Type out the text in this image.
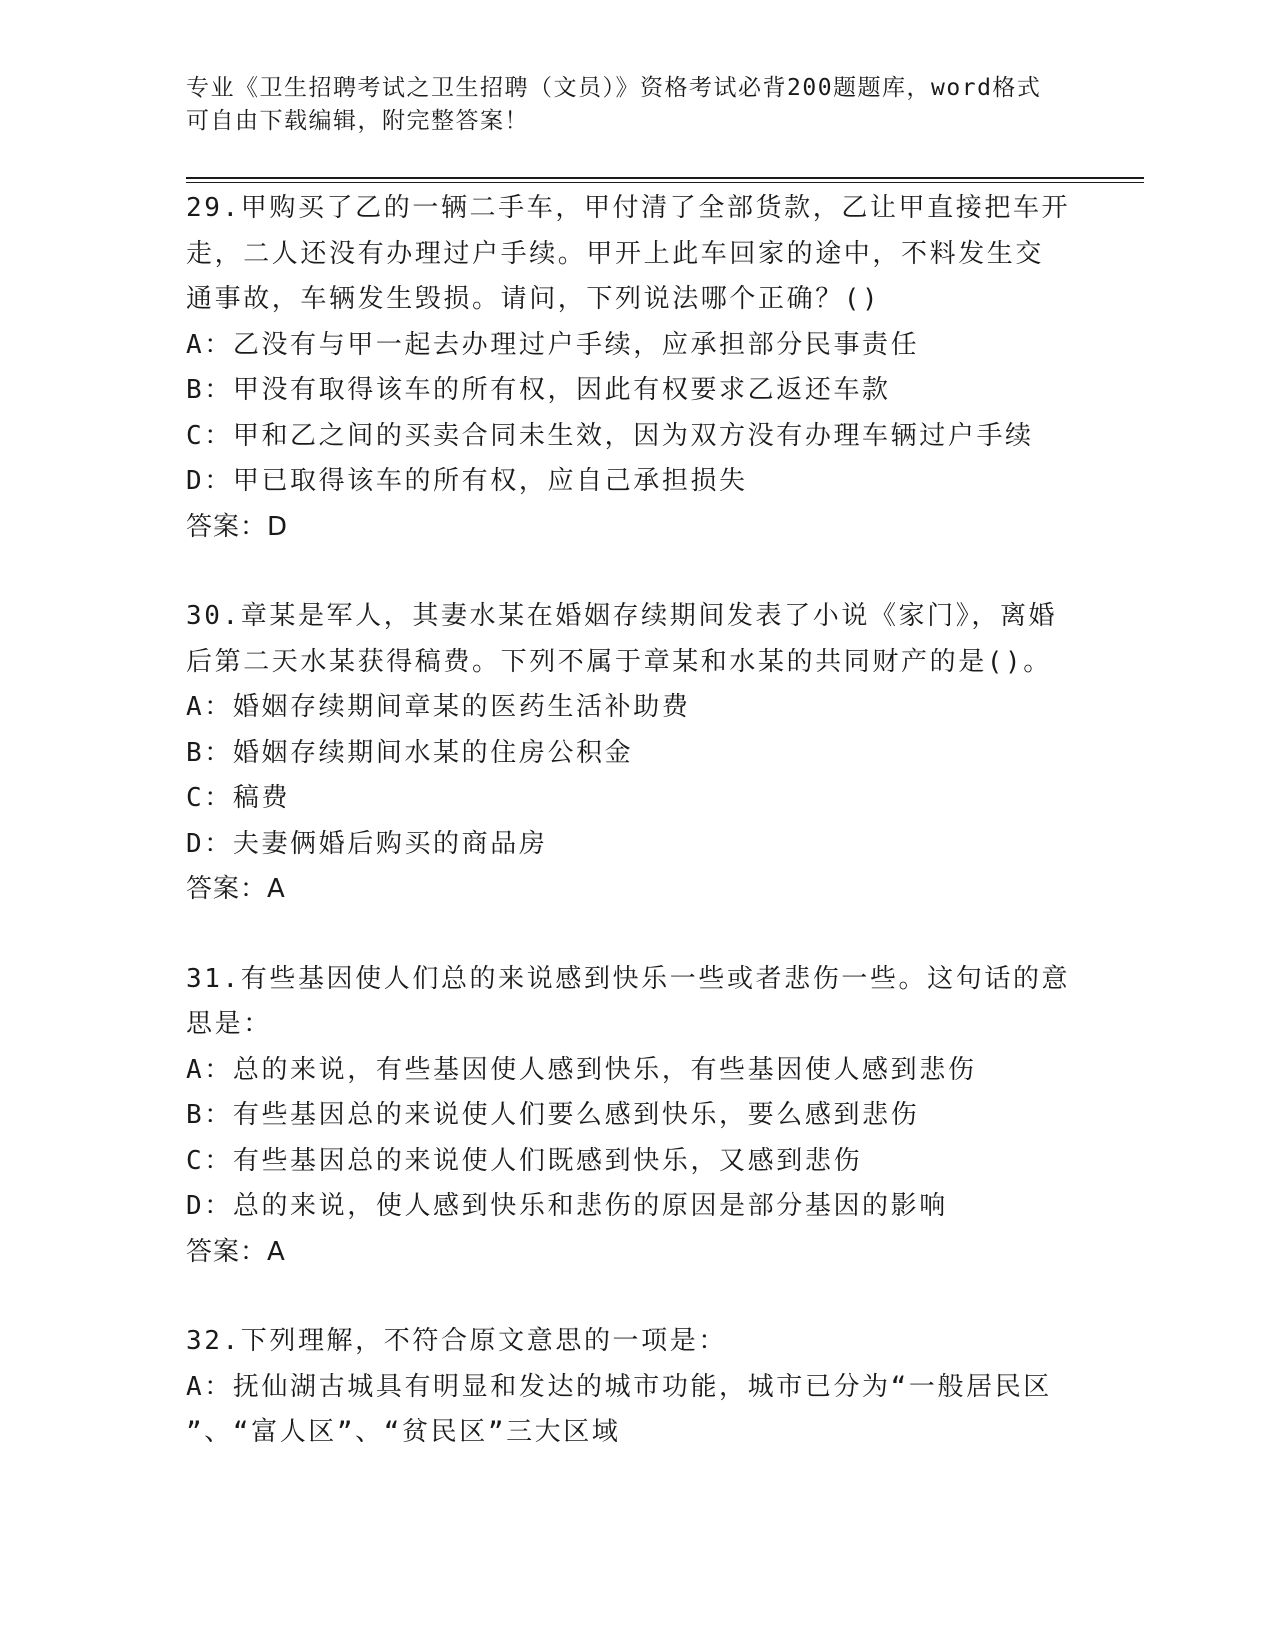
专业《卫生招聘考试之卫生招聘（文员）》资格考试必背200题题库，word格式
可自由下载编辑，附完整答案！
29.甲购买了乙的一辆二手车，甲付清了全部货款，乙让甲直接把车开
走，二人还没有办理过户手续。甲开上此车回家的途中，不料发生交
通事故，车辆发生毁损。请问，下列说法哪个正确？()
A：乙没有与甲一起去办理过户手续，应承担部分民事责任
B：甲没有取得该车的所有权，因此有权要求乙返还车款
C：甲和乙之间的买卖合同未生效，因为双方没有办理车辆过户手续
D：甲已取得该车的所有权，应自己承担损失
答案：D
30.章某是军人，其妻水某在婚姻存续期间发表了小说《家门》，离婚
后第二天水某获得稿费。下列不属于章某和水某的共同财产的是()。
A：婚姻存续期间章某的医药生活补助费
B：婚姻存续期间水某的住房公积金
C：稿费
D：夫妻俩婚后购买的商品房
答案：A
31.有些基因使人们总的来说感到快乐一些或者悲伤一些。这句话的意
思是：
A：总的来说，有些基因使人感到快乐，有些基因使人感到悲伤
B：有些基因总的来说使人们要么感到快乐，要么感到悲伤
C：有些基因总的来说使人们既感到快乐，又感到悲伤
D：总的来说，使人感到快乐和悲伤的原因是部分基因的影响
答案：A
32.下列理解，不符合原文意思的一项是：
A：抚仙湖古城具有明显和发达的城市功能，城市已分为“一般居民区
”、“富人区”、“贫民区”三大区域
